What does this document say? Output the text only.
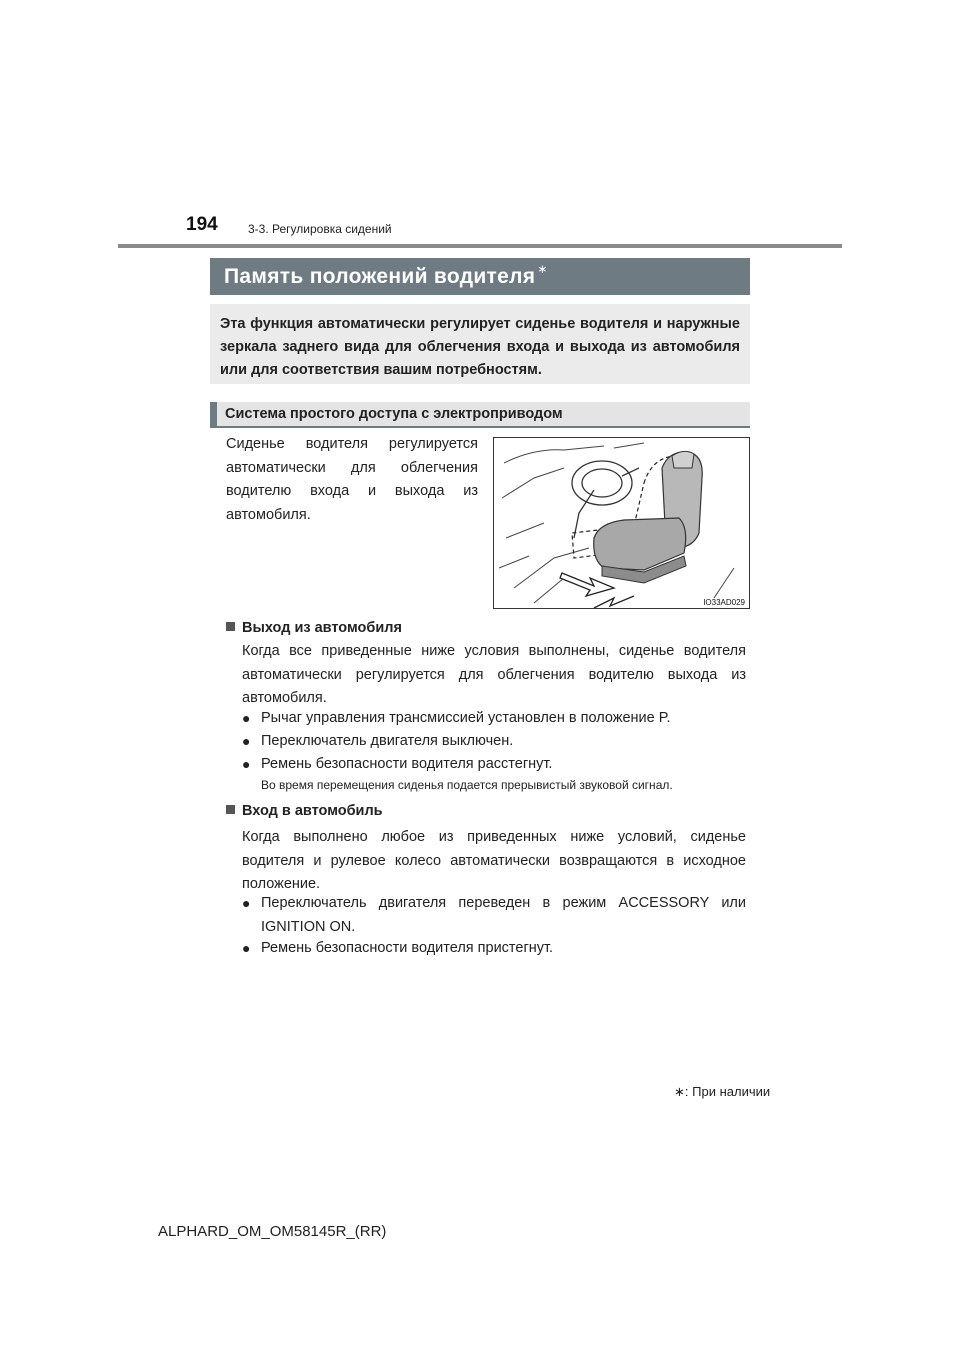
194	3-3. Регулировка сидений
Память положений водителя ∗
Эта функция автоматически регулирует сиденье водителя и наружные зеркала заднего вида для облегчения входа и выхода из автомобиля или для соответствия вашим потребностям.
Система простого доступа с электроприводом
Сиденье водителя регулируется
автоматически для облегчения
водителю входа и выхода из
автомобиля.
IO33AD029
Выход из автомобиля
Когда все приведенные ниже условия выполнены, сиденье водителя
автоматически регулируется для облегчения водителю выхода из
автомобиля.
● Рычаг управления трансмиссией установлен в положение P.
● Переключатель двигателя выключен.
● Ремень безопасности водителя расстегнут.
Во время перемещения сиденья подается прерывистый звуковой сигнал.
Вход в автомобиль
Когда выполнено любое из приведенных ниже условий, сиденье
водителя и рулевое колесо автоматически возвращаются в исходное
положение.
● Переключатель двигателя переведен в режим ACCESSORY или
IGNITION ON.
● Ремень безопасности водителя пристегнут.
∗: При наличии
ALPHARD_OM_OM58145R_(RR)
